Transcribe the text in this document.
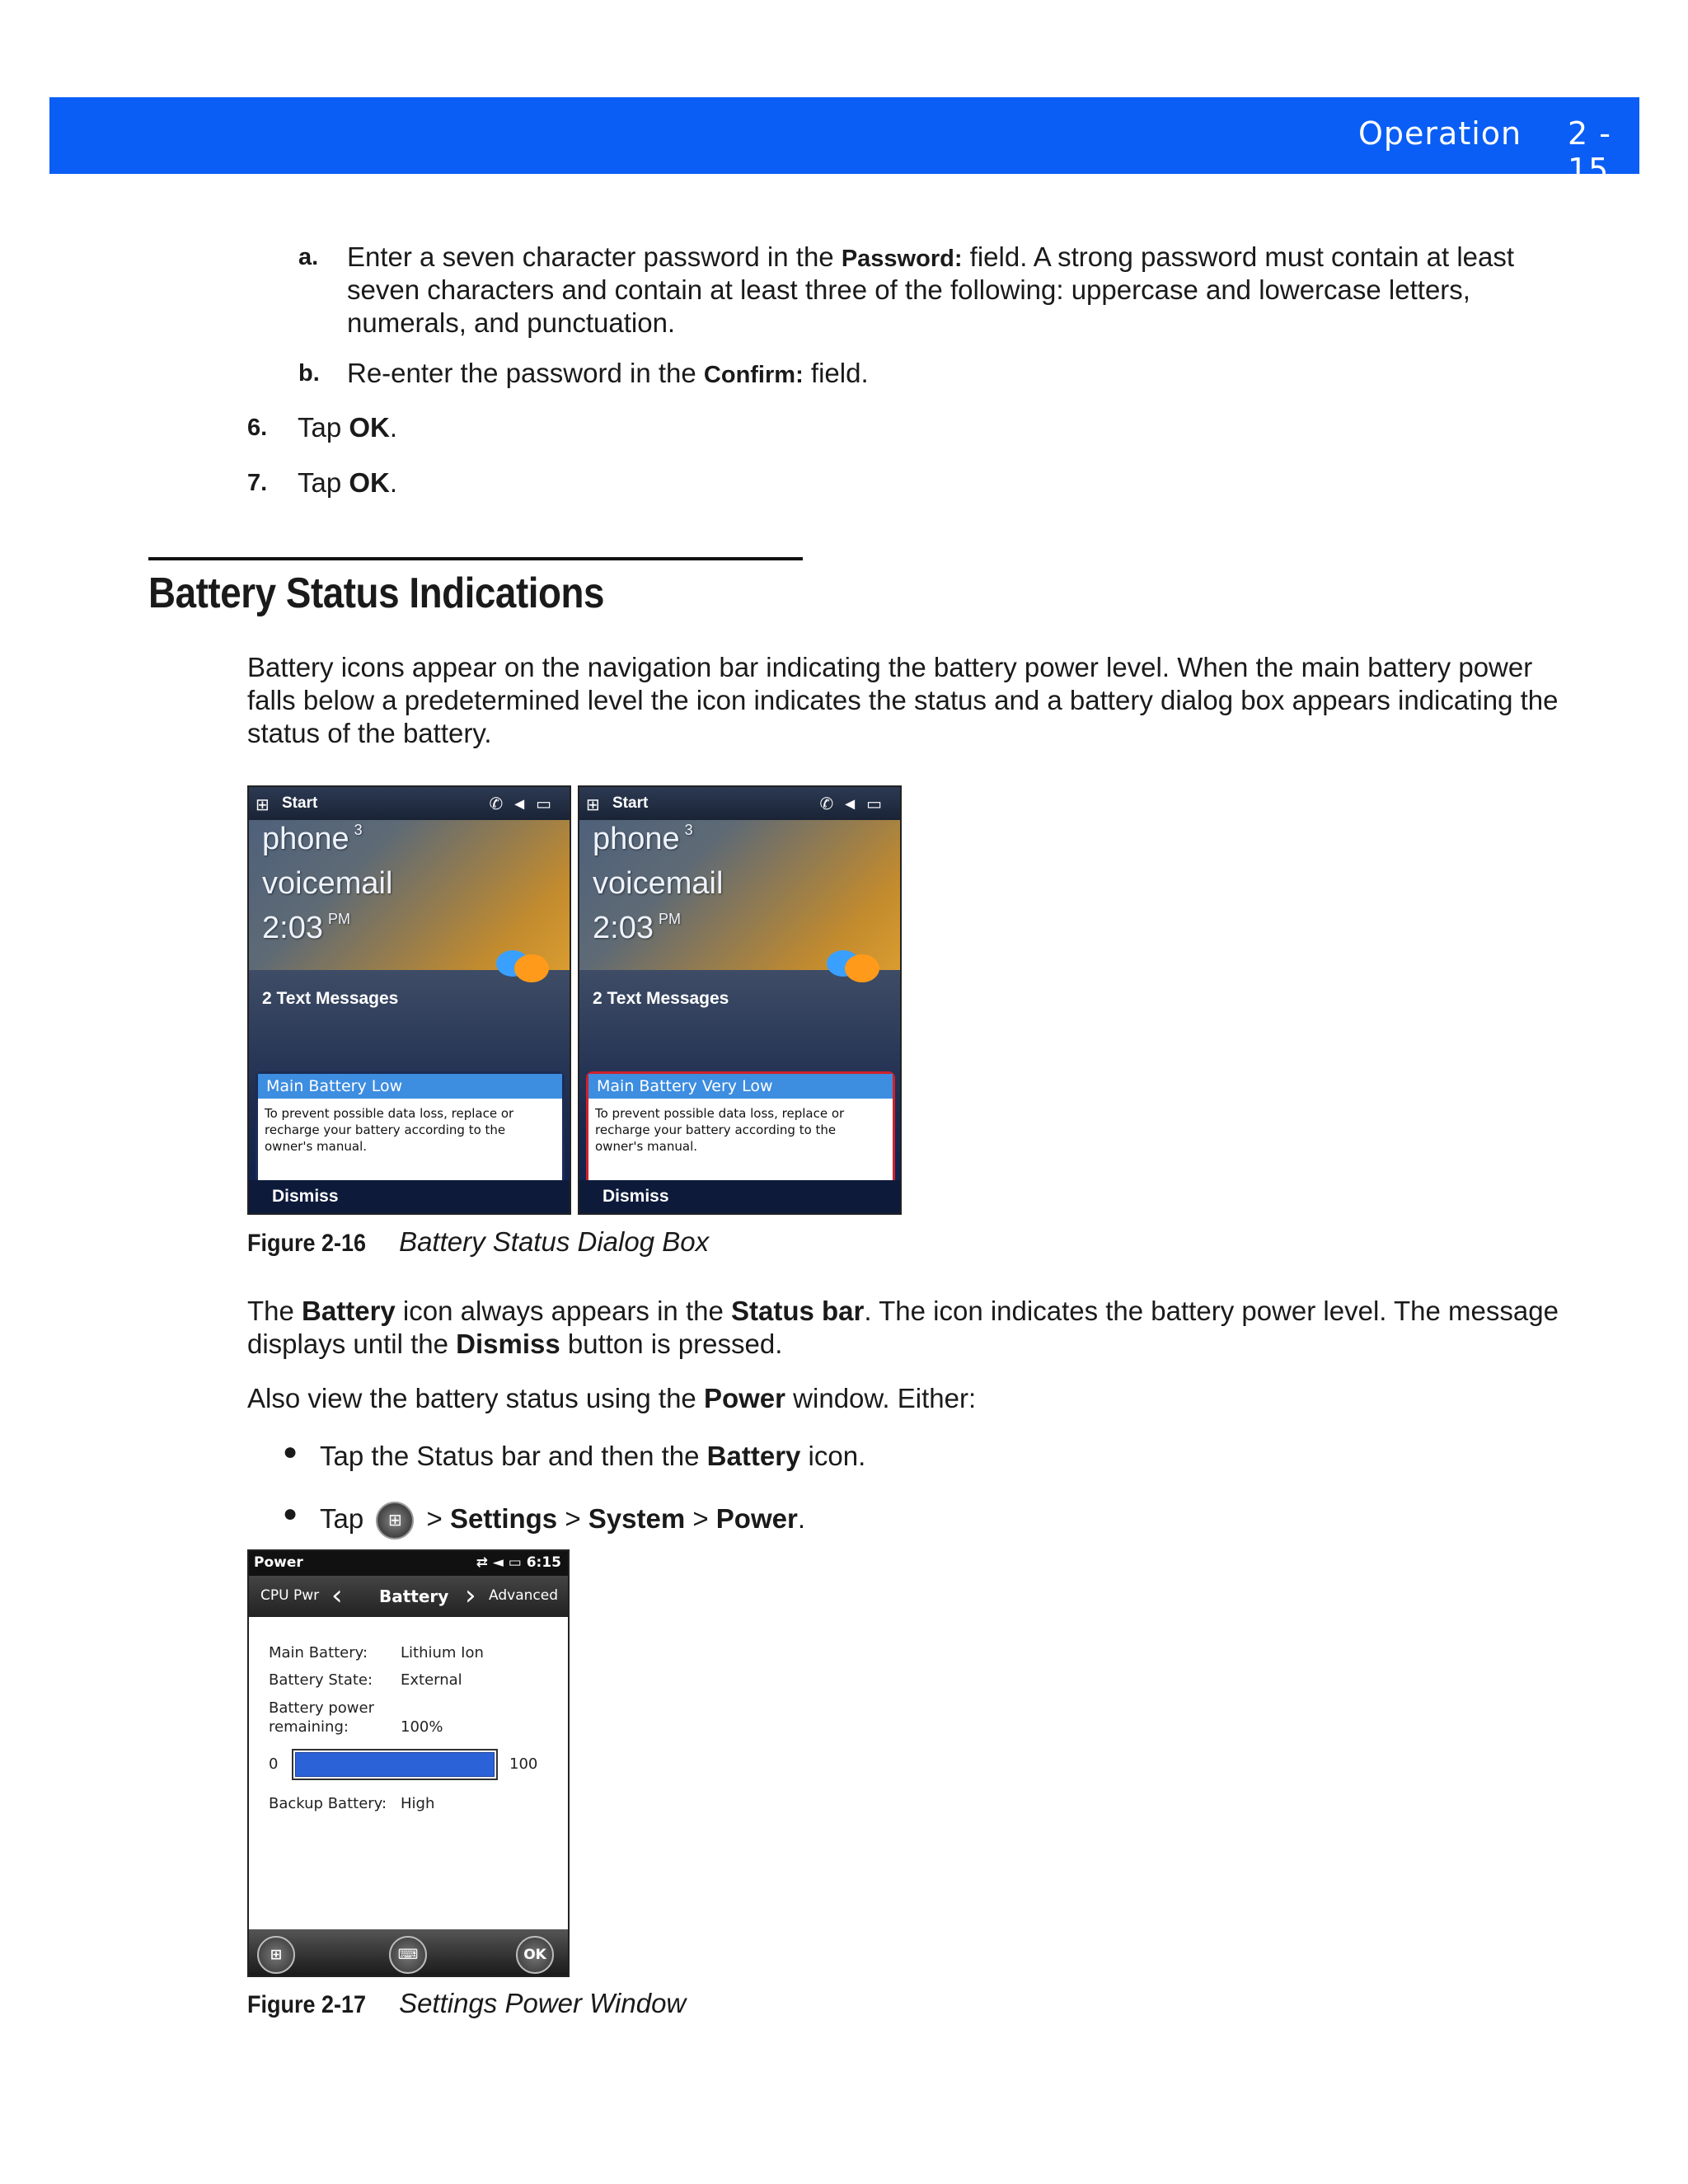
Operation 2 - 15
a. Enter a seven character password in the Password: field. A strong password must contain at least
seven characters and contain at least three of the following: uppercase and lowercase letters,
numerals, and punctuation.
b. Re-enter the password in the Confirm: field.
6. Tap OK.
7. Tap OK.
Battery Status Indications
Battery icons appear on the navigation bar indicating the battery power level. When the main battery power
falls below a predetermined level the icon indicates the status and a battery dialog box appears indicating the
status of the battery.
⊞ Start	✆◄▭
phone $^3$
voicemail
2:03 $^{PM}$
2 Text Messages
Main Battery Low
To prevent possible data loss, replace or recharge your battery according to the owner's manual.
Dismiss
⊞ Start	✆◄▭
phone $^3$
voicemail
2:03 $^{PM}$
2 Text Messages
Main Battery Very Low
To prevent possible data loss, replace or recharge your battery according to the owner's manual.
Dismiss
Figure 2-16 Battery Status Dialog Box
The Battery icon always appears in the Status bar. The icon indicates the battery power level. The message
displays until the Dismiss button is pressed.
Also view the battery status using the Power window. Either:
● Tap the Status bar and then the Battery icon.
● Tap ⊞ > Settings > System > Power.
Power	⇄ ◄ ▭ 6:15
CPU Pwr ‹ Battery › Advanced
Main Battery: Lithium Ion
Battery State: External
Battery power
remaining:	100%
0	100
Backup Battery: High
⊞	⌨	OK
Figure 2-17 Settings Power Window
